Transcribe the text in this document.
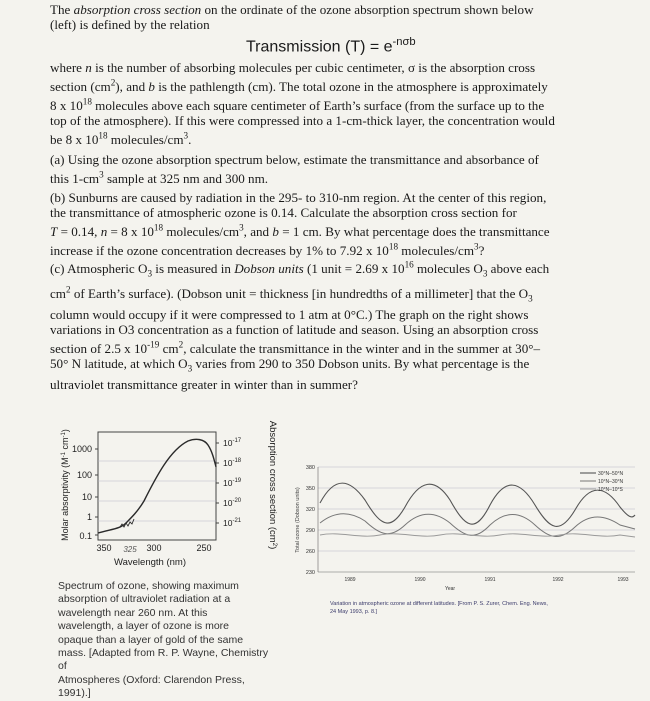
The absorption cross section on the ordinate of the ozone absorption spectrum shown below
(left) is defined by the relation

Transmission $(T) = e^{-n\sigma b}$

where n is the number of absorbing molecules per cubic centimeter, σ is the absorption cross
section $(cm^2)$, and b is the pathlength (cm). The total ozone in the atmosphere is approximately
8 x $10^{18}$ molecules above each square centimeter of Earth’s surface (from the surface up to the
top of the atmosphere). If this were compressed into a 1-cm-thick layer, the concentration would
be 8 x $10^{18}$ molecules/$cm^3$.

(a) Using the ozone absorption spectrum below, estimate the transmittance and absorbance of
this $1-cm^3$ sample at 325 nm and 300 nm.

(b) Sunburns are caused by radiation in the 295- to 310-nm region. At the center of this region,
the transmittance of atmospheric ozone is 0.14. Calculate the absorption cross section for
T = 0.14, n = 8 x $10^{18}$ molecules/$cm^3$, and b = 1 cm. By what percentage does the transmittance
increase if the ozone concentration decreases by 1% to 7.92 x $10^{18}$ molecules/$cm^3$?

(c) Atmospheric $O_3$ is measured in Dobson units (1 unit = 2.69 x $10^{16}$ molecules $O_3$ above each
$cm^2$ of Earth’s surface). (Dobson unit = thickness [in hundredths of a millimeter] that the $O_3$
column would occupy if it were compressed to 1 atm at 0°C.) The graph on the right shows
variations in O3 concentration as a function of latitude and season. Using an absorption cross
section of 2.5 x $10^{-19}$ $cm^2$, calculate the transmittance in the winter and in the summer at 30°–
50° N latitude, at which $O_3$ varies from 290 to 350 Dobson units. By what percentage is the
ultraviolet transmittance greater in winter than in summer?

1000
100
10
1
0.1
$10^{-17}$
$10^{-18}$
$10^{-19}$
$10^{-20}$
$10^{-21}$
350	300	250
325
Wavelength (nm)
Molar absorptivity ($M^{-1}$ $cm^{-1}$)	Absorption cross section $(cm^2)$
Spectrum of ozone, showing maximum
absorption of ultraviolet radiation at a
wavelength near 260 nm. At this
wavelength, a layer of ozone is more
opaque than a layer of gold of the same
mass. [Adapted from R. P. Wayne, Chemistry of
Atmospheres (Oxford: Clarendon Press, 1991).]
Total ozone (Dobson units)
380
350
320
290
260
230
1989	1990	1991	1992	1993
Year
30°N–50°N
10°N–30°N
10°N–10°S
Variation in atmospheric ozone at different latitudes. [From P. S. Zurer, Chem. Eng. News,
24 May 1993, p. 8.]
